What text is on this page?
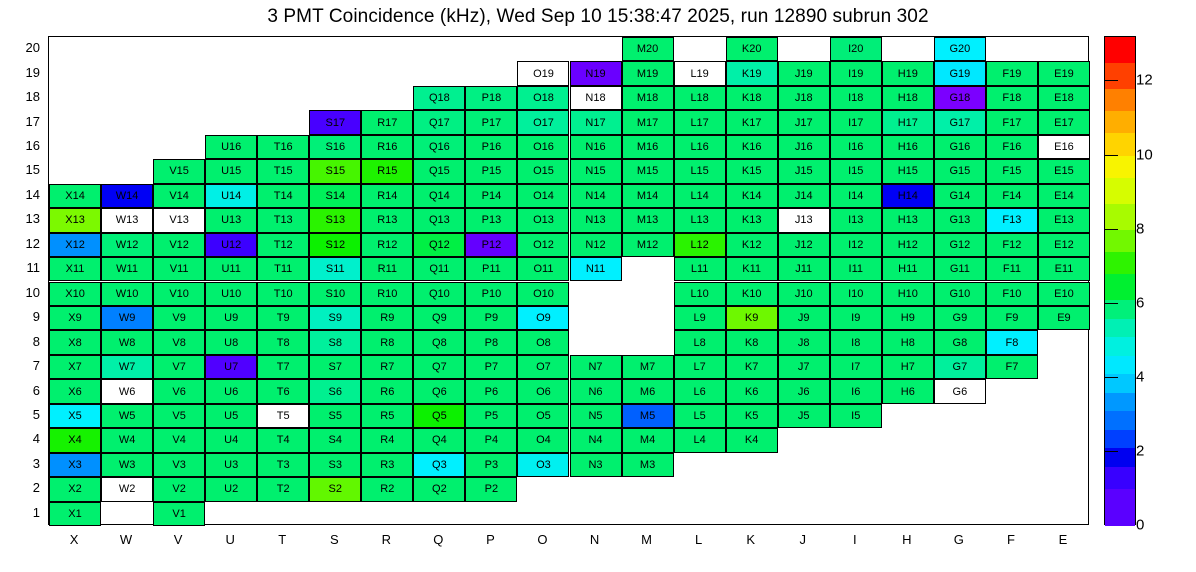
3 PMT Coincidence (kHz), Wed Sep 10 15:38:47 2025, run 12890 subrun 302
M20	K20	I20	G20
O19	N19	M19	L19	K19	J19	I19	H19	G19	F19	E19
Q18	P18	O18	N18	M18	L18	K18	J18	I18	H18	G18	F18	E18
S17	R17	Q17	P17	O17	N17	M17	L17	K17	J17	I17	H17	G17	F17	E17
U16	T16	S16	R16	Q16	P16	O16	N16	M16	L16	K16	J16	I16	H16	G16	F16	E16
V15	U15	T15	S15	R15	Q15	P15	O15	N15	M15	L15	K15	J15	I15	H15	G15	F15	E15
X14	W14	V14	U14	T14	S14	R14	Q14	P14	O14	N14	M14	L14	K14	J14	I14	H14	G14	F14	E14
X13	W13	V13	U13	T13	S13	R13	Q13	P13	O13	N13	M13	L13	K13	J13	I13	H13	G13	F13	E13
X12	W12	V12	U12	T12	S12	R12	Q12	P12	O12	N12	M12	L12	K12	J12	I12	H12	G12	F12	E12
X11	W11	V11	U11	T11	S11	R11	Q11	P11	O11	N11	L11	K11	J11	I11	H11	G11	F11	E11
X10	W10	V10	U10	T10	S10	R10	Q10	P10	O10	L10	K10	J10	I10	H10	G10	F10	E10
X9	W9	V9	U9	T9	S9	R9	Q9	P9	O9	L9	K9	J9	I9	H9	G9	F9	E9
X8	W8	V8	U8	T8	S8	R8	Q8	P8	O8	L8	K8	J8	I8	H8	G8	F8
X7	W7	V7	U7	T7	S7	R7	Q7	P7	O7	N7	M7	L7	K7	J7	I7	H7	G7	F7
X6	W6	V6	U6	T6	S6	R6	Q6	P6	O6	N6	M6	L6	K6	J6	I6	H6	G6
X5	W5	V5	U5	T5	S5	R5	Q5	P5	O5	N5	M5	L5	K5	J5	I5
X4	W4	V4	U4	T4	S4	R4	Q4	P4	O4	N4	M4	L4	K4
X3	W3	V3	U3	T3	S3	R3	Q3	P3	O3	N3	M3
X2	W2	V2	U2	T2	S2	R2	Q2	P2
X1	V1
20
19
18
17
16
15
14
13
12
11
10
9
8
7
6
5
4
3
2
1
X	W	V	U	T	S	R	Q	P	O	N	M	L	K	J	I	H	G	F	E
0
2
4
6
8
10
12
